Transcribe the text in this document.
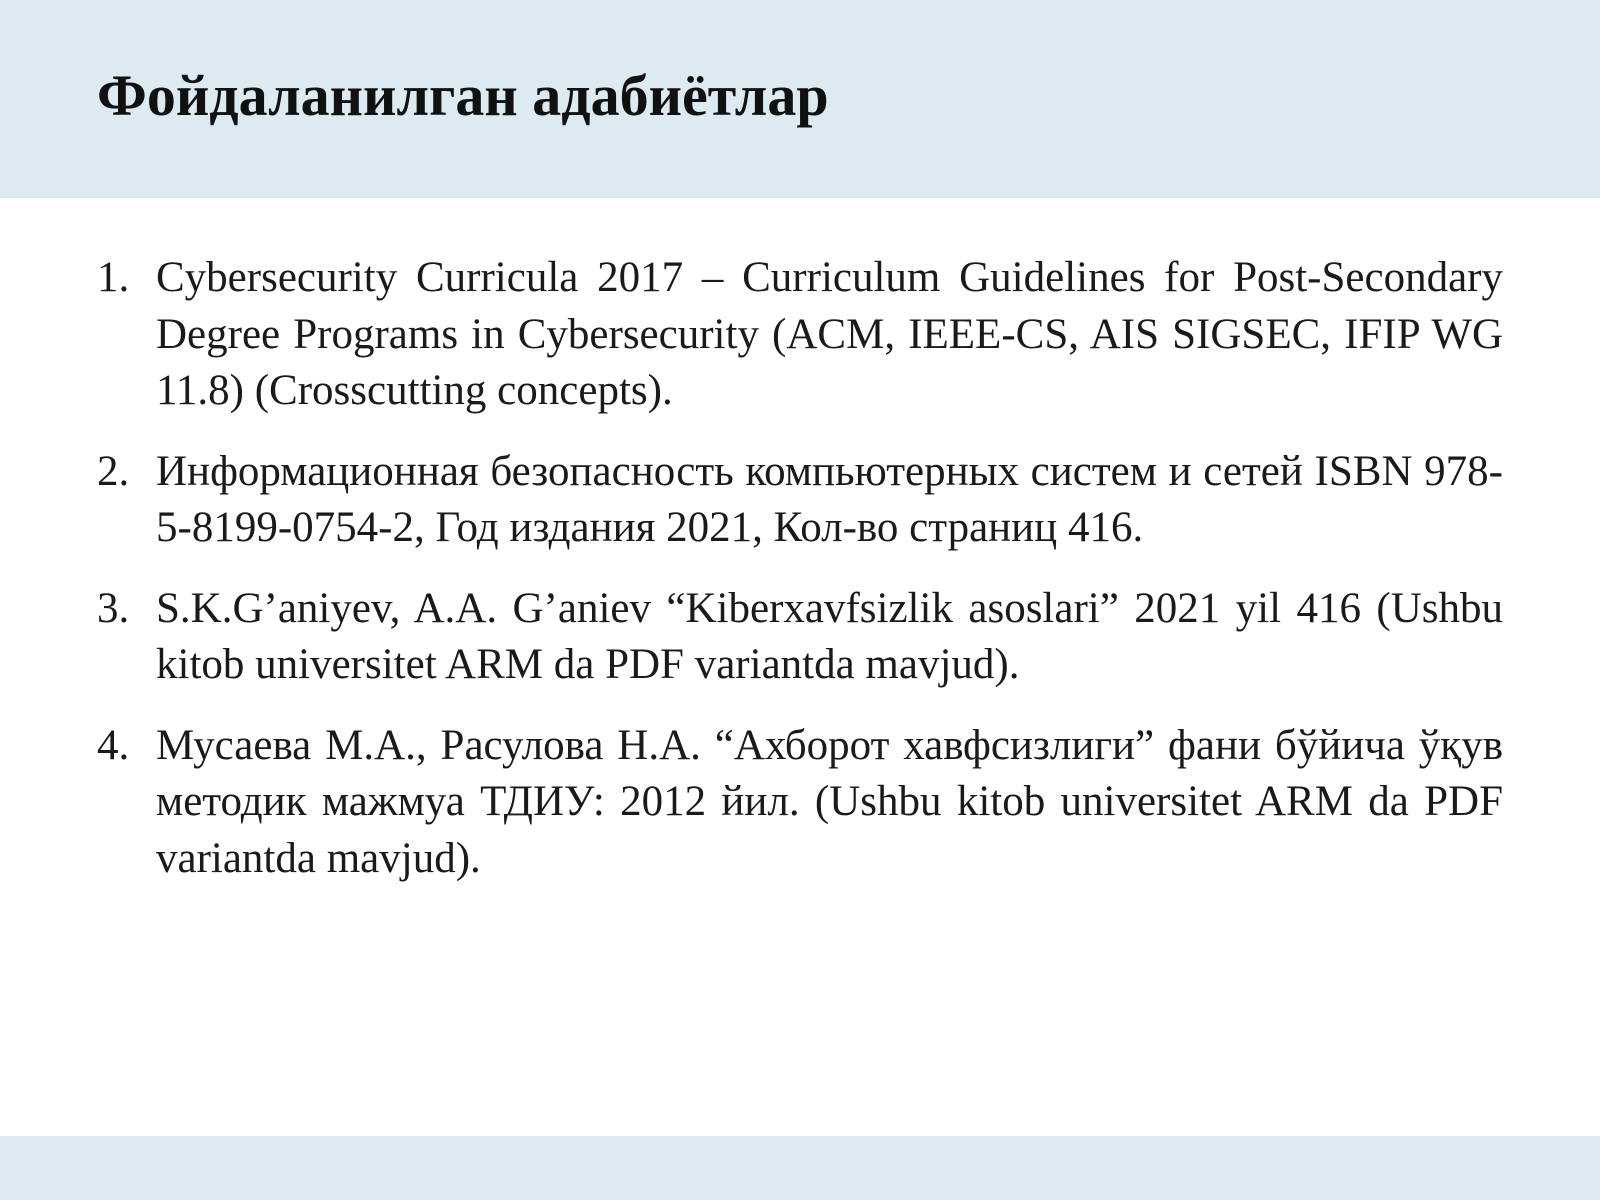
Фойдаланилган адабиётлар
1. Cybersecurity Curricula 2017 – Curriculum Guidelines for Post-Secondary Degree Programs in Cybersecurity (ACM, IEEE-CS, AIS SIGSEC, IFIP WG 11.8) (Crosscutting concepts).
2. Информационная безопасность компьютерных систем и сетей ISBN 978-5-8199-0754-2, Год издания 2021, Кол-во страниц 416.
3. S.K.G’aniyev, A.A. G’aniev “Kiberxavfsizlik asoslari” 2021 yil 416 (Ushbu kitob universitet ARM da PDF variantda mavjud).
4. Мусаева М.А., Расулова Н.А. “Ахборот хавфсизлиги” фани бўйича ўқув методик мажмуа ТДИУ: 2012 йил. (Ushbu kitob universitet ARM da PDF variantda mavjud).
